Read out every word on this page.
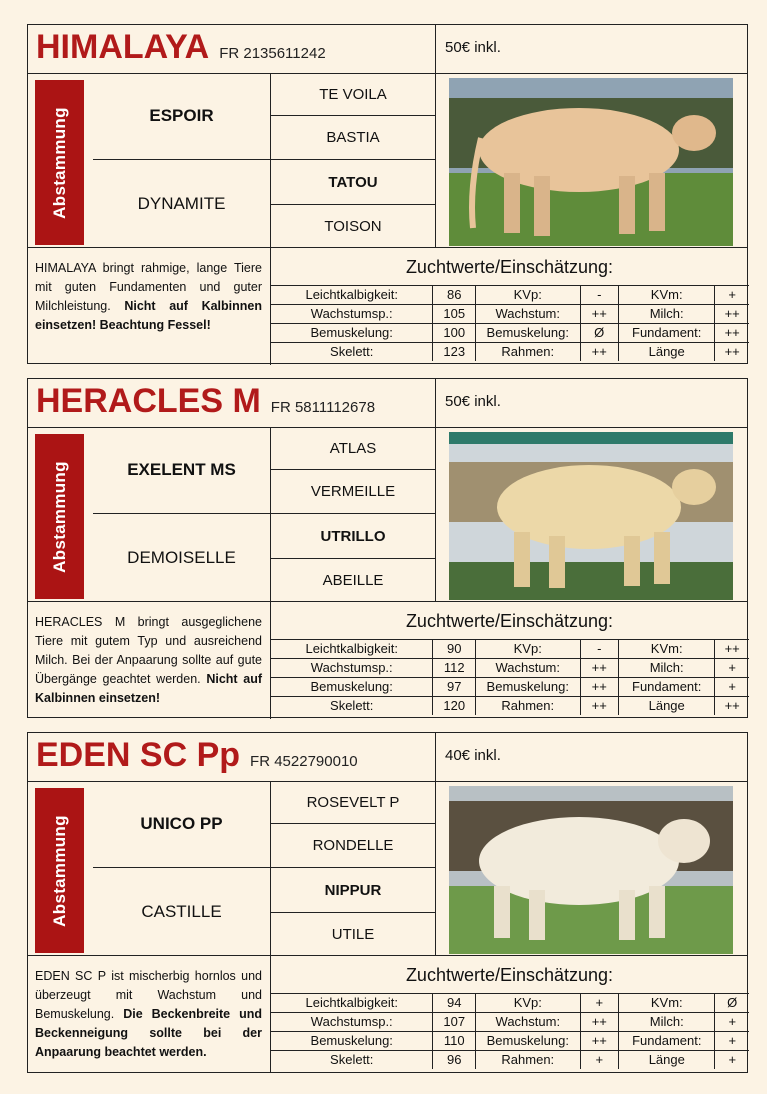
HIMALAYA FR 2135611242	50€ inkl.
Abstammung	ESPOIR
DYNAMITE
TE VOILA
BASTIA
TATOU
TOISON
HIMALAYA bringt rahmige, lange Tiere mit guten Fundamenten und guter Milchleistung. Nicht auf Kalbinnen einsetzen! Beachtung Fessel!
Zuchtwerte/Einschätzung:
Leichtkalbigkeit:	86	KVp:	-	KVm:	+
Wachstumsp.:	105	Wachstum:	++	Milch:	++
Bemuskelung:	100	Bemuskelung:	Ø	Fundament:	++
Skelett:	123	Rahmen:	++	Länge	++
HERACLES M FR 5811112678	50€ inkl.
Abstammung	EXELENT MS
DEMOISELLE
ATLAS
VERMEILLE
UTRILLO
ABEILLE
HERACLES M bringt ausgeglichene Tiere mit gutem Typ und ausreichend Milch. Bei der Anpaarung sollte auf gute Übergänge geachtet werden. Nicht auf Kalbinnen einsetzen!
Zuchtwerte/Einschätzung:
Leichtkalbigkeit:	90	KVp:	-	KVm:	++
Wachstumsp.:	112	Wachstum:	++	Milch:	+
Bemuskelung:	97	Bemuskelung:	++	Fundament:	+
Skelett:	120	Rahmen:	++	Länge	++
EDEN SC Pp FR 4522790010	40€ inkl.
Abstammung	UNICO PP
CASTILLE
ROSEVELT P
RONDELLE
NIPPUR
UTILE
EDEN SC P ist mischerbig hornlos und überzeugt mit Wachstum und Bemuskelung. Die Beckenbreite und Beckenneigung sollte bei der Anpaarung beachtet werden.
Zuchtwerte/Einschätzung:
Leichtkalbigkeit:	94	KVp:	+	KVm:	Ø
Wachstumsp.:	107	Wachstum:	++	Milch:	+
Bemuskelung:	110	Bemuskelung:	++	Fundament:	+
Skelett:	96	Rahmen:	+	Länge	+
